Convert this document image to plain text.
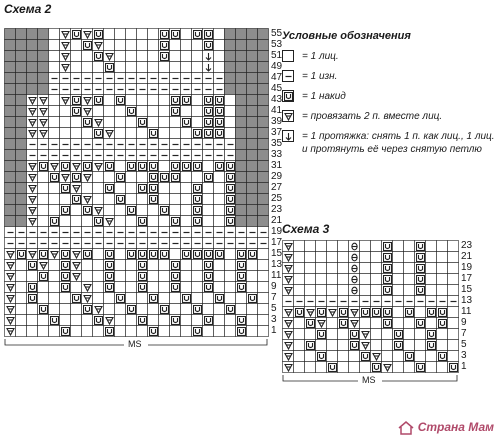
Схема 2
55
53
51
49
47
45
43
41
39
37
35
33
31
29
27
25
23
21
19
17
15
13
11
9
7
5
3
1
MS
Условные обозначения
= 1 лиц.
= 1 изн.
= 1 накид
= провязать 2 п. вместе лиц.
= 1 протяжка: снять 1 п. как лиц., 1 лиц. и протянуть её через снятую петлю
Схема 3
23
21
19
17
15
13
11
9
7
5
3
1
MS
Страна Мам
